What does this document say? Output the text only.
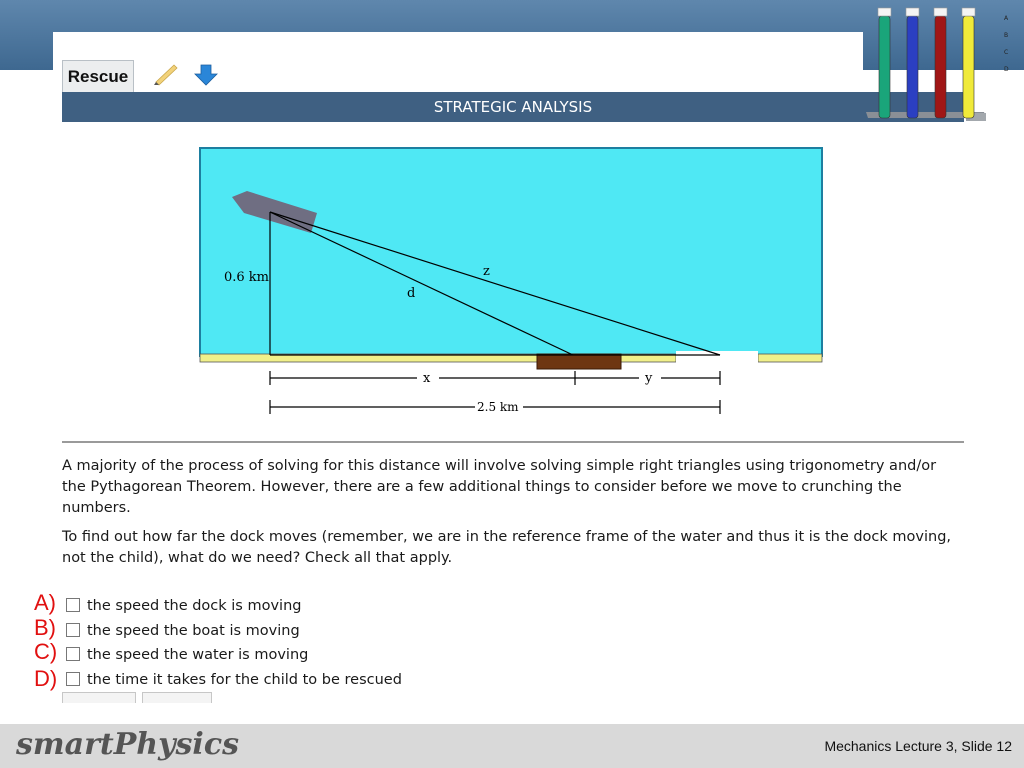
Rescue
STRATEGIC ANALYSIS
A
B
C
D
0.6 km	z
d
x	y
2.5 km

A majority of the process of solving for this distance will involve solving simple right triangles using trigonometry and/or the Pythagorean Theorem. However, there are a few additional things to consider before we move to crunching the numbers.

To find out how far the dock moves (remember, we are in the reference frame of the water and thus it is the dock moving, not the child), what do we need? Check all that apply.

A) the speed the dock is moving
B) the speed the boat is moving
C) the speed the water is moving
D) the time it takes for the child to be rescued
smartPhysics	Mechanics Lecture 3, Slide 12
